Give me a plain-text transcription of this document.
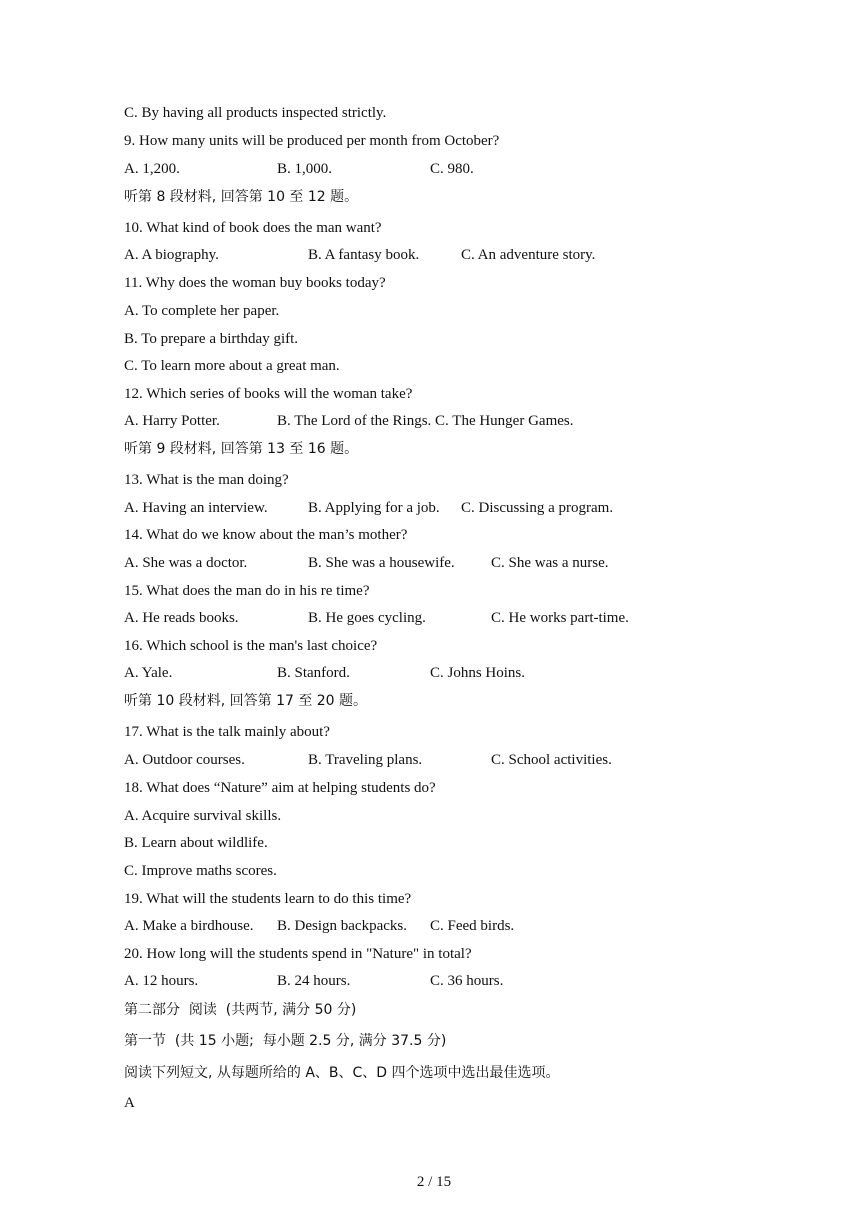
C. By having all products inspected strictly.
9. How many units will be produced per month from October?
A. 1,200.	B. 1,000.	C. 980.
听第 8 段材料, 回答第 10 至 12 题。
10. What kind of book does the man want?
A. A biography.	B. A fantasy book.	C. An adventure story.
11. Why does the woman buy books today?
A. To complete her paper.
B. To prepare a birthday gift.
C. To learn more about a great man.
12. Which series of books will the woman take?
A. Harry Potter.	B. The Lord of the Rings. C. The Hunger Games.
听第 9 段材料, 回答第 13 至 16 题。
13. What is the man doing?
A. Having an interview.	B. Applying for a job. C. Discussing a program.
14. What do we know about the man’s mother?
A. She was a doctor.	B. She was a housewife. C. She was a nurse.
15. What does the man do in his re time?
A. He reads books.	B. He goes cycling.	C. He works part-time.
16. Which school is the man's last choice?
A. Yale.	B. Stanford.	C. Johns Hoins.
听第 10 段材料, 回答第 17 至 20 题。
17. What is the talk mainly about?
A. Outdoor courses.	B. Traveling plans.	C. School activities.
18. What does “Nature” aim at helping students do?
A. Acquire survival skills.
B. Learn about wildlife.
C. Improve maths scores.
19. What will the students learn to do this time?
A. Make a birdhouse. B. Design backpacks. C. Feed birds.
20. How long will the students spend in "Nature" in total?
A. 12 hours.	B. 24 hours.	C. 36 hours.
第二部分  阅读  (共两节, 满分 50 分)
第一节  (共 15 小题;  每小题 2.5 分, 满分 37.5 分)
阅读下列短文, 从每题所给的 A、B、C、D 四个选项中选出最佳选项。
A
2 / 15
